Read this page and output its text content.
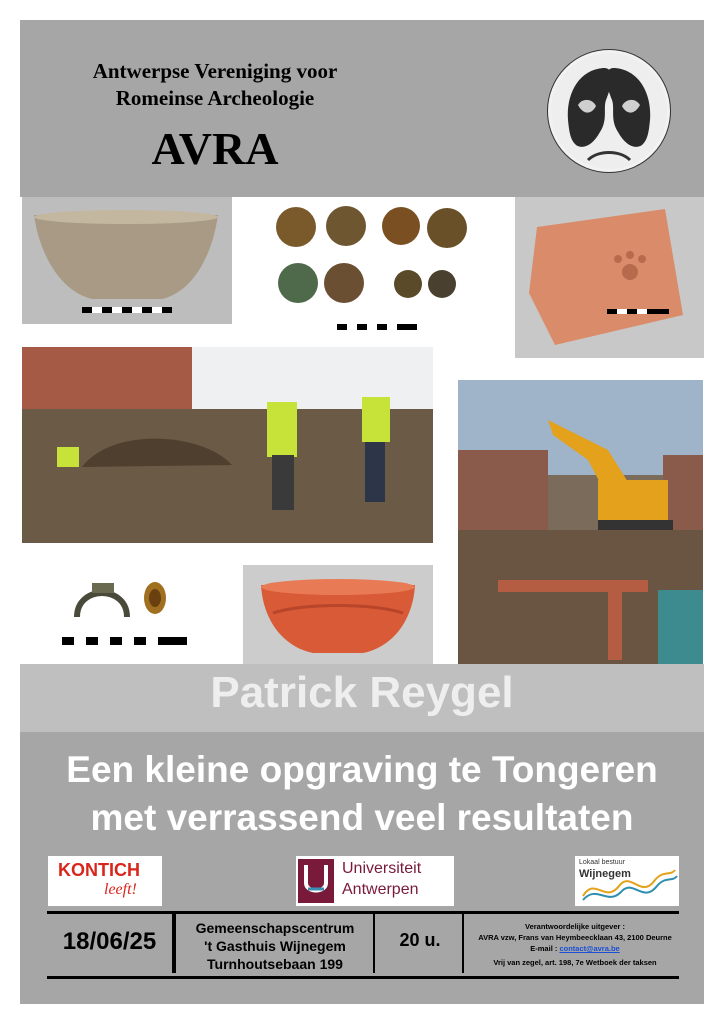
Antwerpse Vereniging voor
Romeinse Archeologie
AVRA
Patrick Reygel
Een kleine opgraving te Tongeren
met verrassend veel resultaten
KONTICH
leeft!
Universiteit
Antwerpen
Lokaal bestuur
Wijnegem
18/06/25	Gemeenschapscentrum
't Gasthuis Wijnegem
Turnhoutsebaan 199
20 u.
Verantwoordelijke uitgever :
AVRA vzw, Frans van Heymbeecklaan 43, 2100 Deurne
E-mail : contact@avra.be
Vrij van zegel, art. 198, 7e Wetboek der taksen
